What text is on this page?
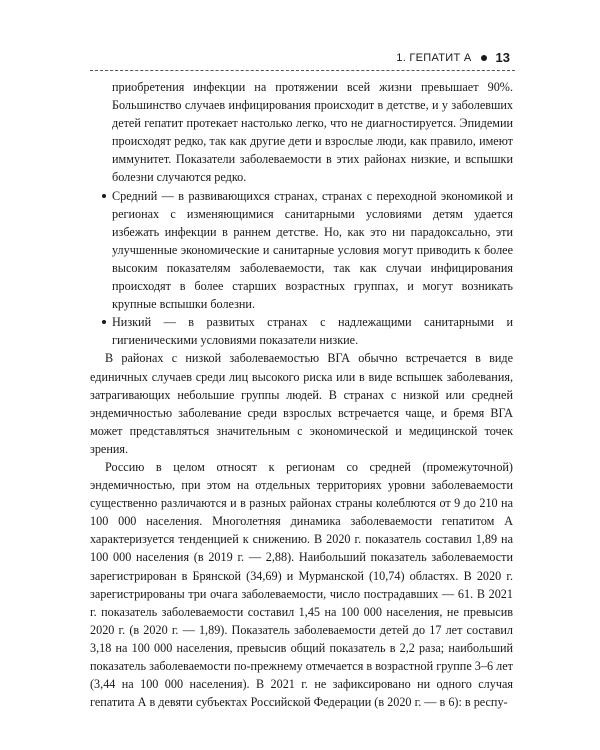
1. ГЕПАТИТ А 13

приобретения инфекции на протяжении всей жизни превышает 90%. Большинство случаев инфицирования происходит в детстве, и у заболевших детей гепатит протекает настолько легко, что не диагностируется. Эпидемии происходят редко, так как другие дети и взрослые люди, как правило, имеют иммунитет. Показатели заболеваемости в этих районах низкие, и вспышки болезни случаются редко.

Средний — в развивающихся странах, странах с переходной экономикой и регионах с изменяющимися санитарными условиями детям удается избежать инфекции в раннем детстве. Но, как это ни парадоксально, эти улучшенные экономические и санитарные условия могут приводить к более высоким показателям заболеваемости, так как случаи инфицирования происходят в более старших возрастных группах, и могут возникать крупные вспышки болезни.

Низкий — в развитых странах с надлежащими санитарными и гигиеническими условиями показатели низкие.

В районах с низкой заболеваемостью ВГА обычно встречается в виде единичных случаев среди лиц высокого риска или в виде вспышек заболевания, затрагивающих небольшие группы людей. В странах с низкой или средней эндемичностью заболевание среди взрослых встречается чаще, и бремя ВГА может представляться значительным с экономической и медицинской точек зрения.

Россию в целом относят к регионам со средней (промежуточной) эндемичностью, при этом на отдельных территориях уровни заболеваемости существенно различаются и в разных районах страны колеблются от 9 до 210 на 100 000 населения. Многолетняя динамика заболеваемости гепатитом А характеризуется тенденцией к снижению. В 2020 г. показатель составил 1,89 на 100 000 населения (в 2019 г. — 2,88). Наибольший показатель заболеваемости зарегистрирован в Брянской (34,69) и Мурманской (10,74) областях. В 2020 г. зарегистрированы три очага заболеваемости, число пострадавших — 61. В 2021 г. показатель заболеваемости составил 1,45 на 100 000 населения, не превысив 2020 г. (в 2020 г. — 1,89). Показатель заболеваемости детей до 17 лет составил 3,18 на 100 000 населения, превысив общий показатель в 2,2 раза; наибольший показатель заболеваемости по-прежнему отмечается в возрастной группе 3–6 лет (3,44 на 100 000 населения). В 2021 г. не зафиксировано ни одного случая гепатита А в девяти субъектах Российской Федерации (в 2020 г. — в 6): в респу-
